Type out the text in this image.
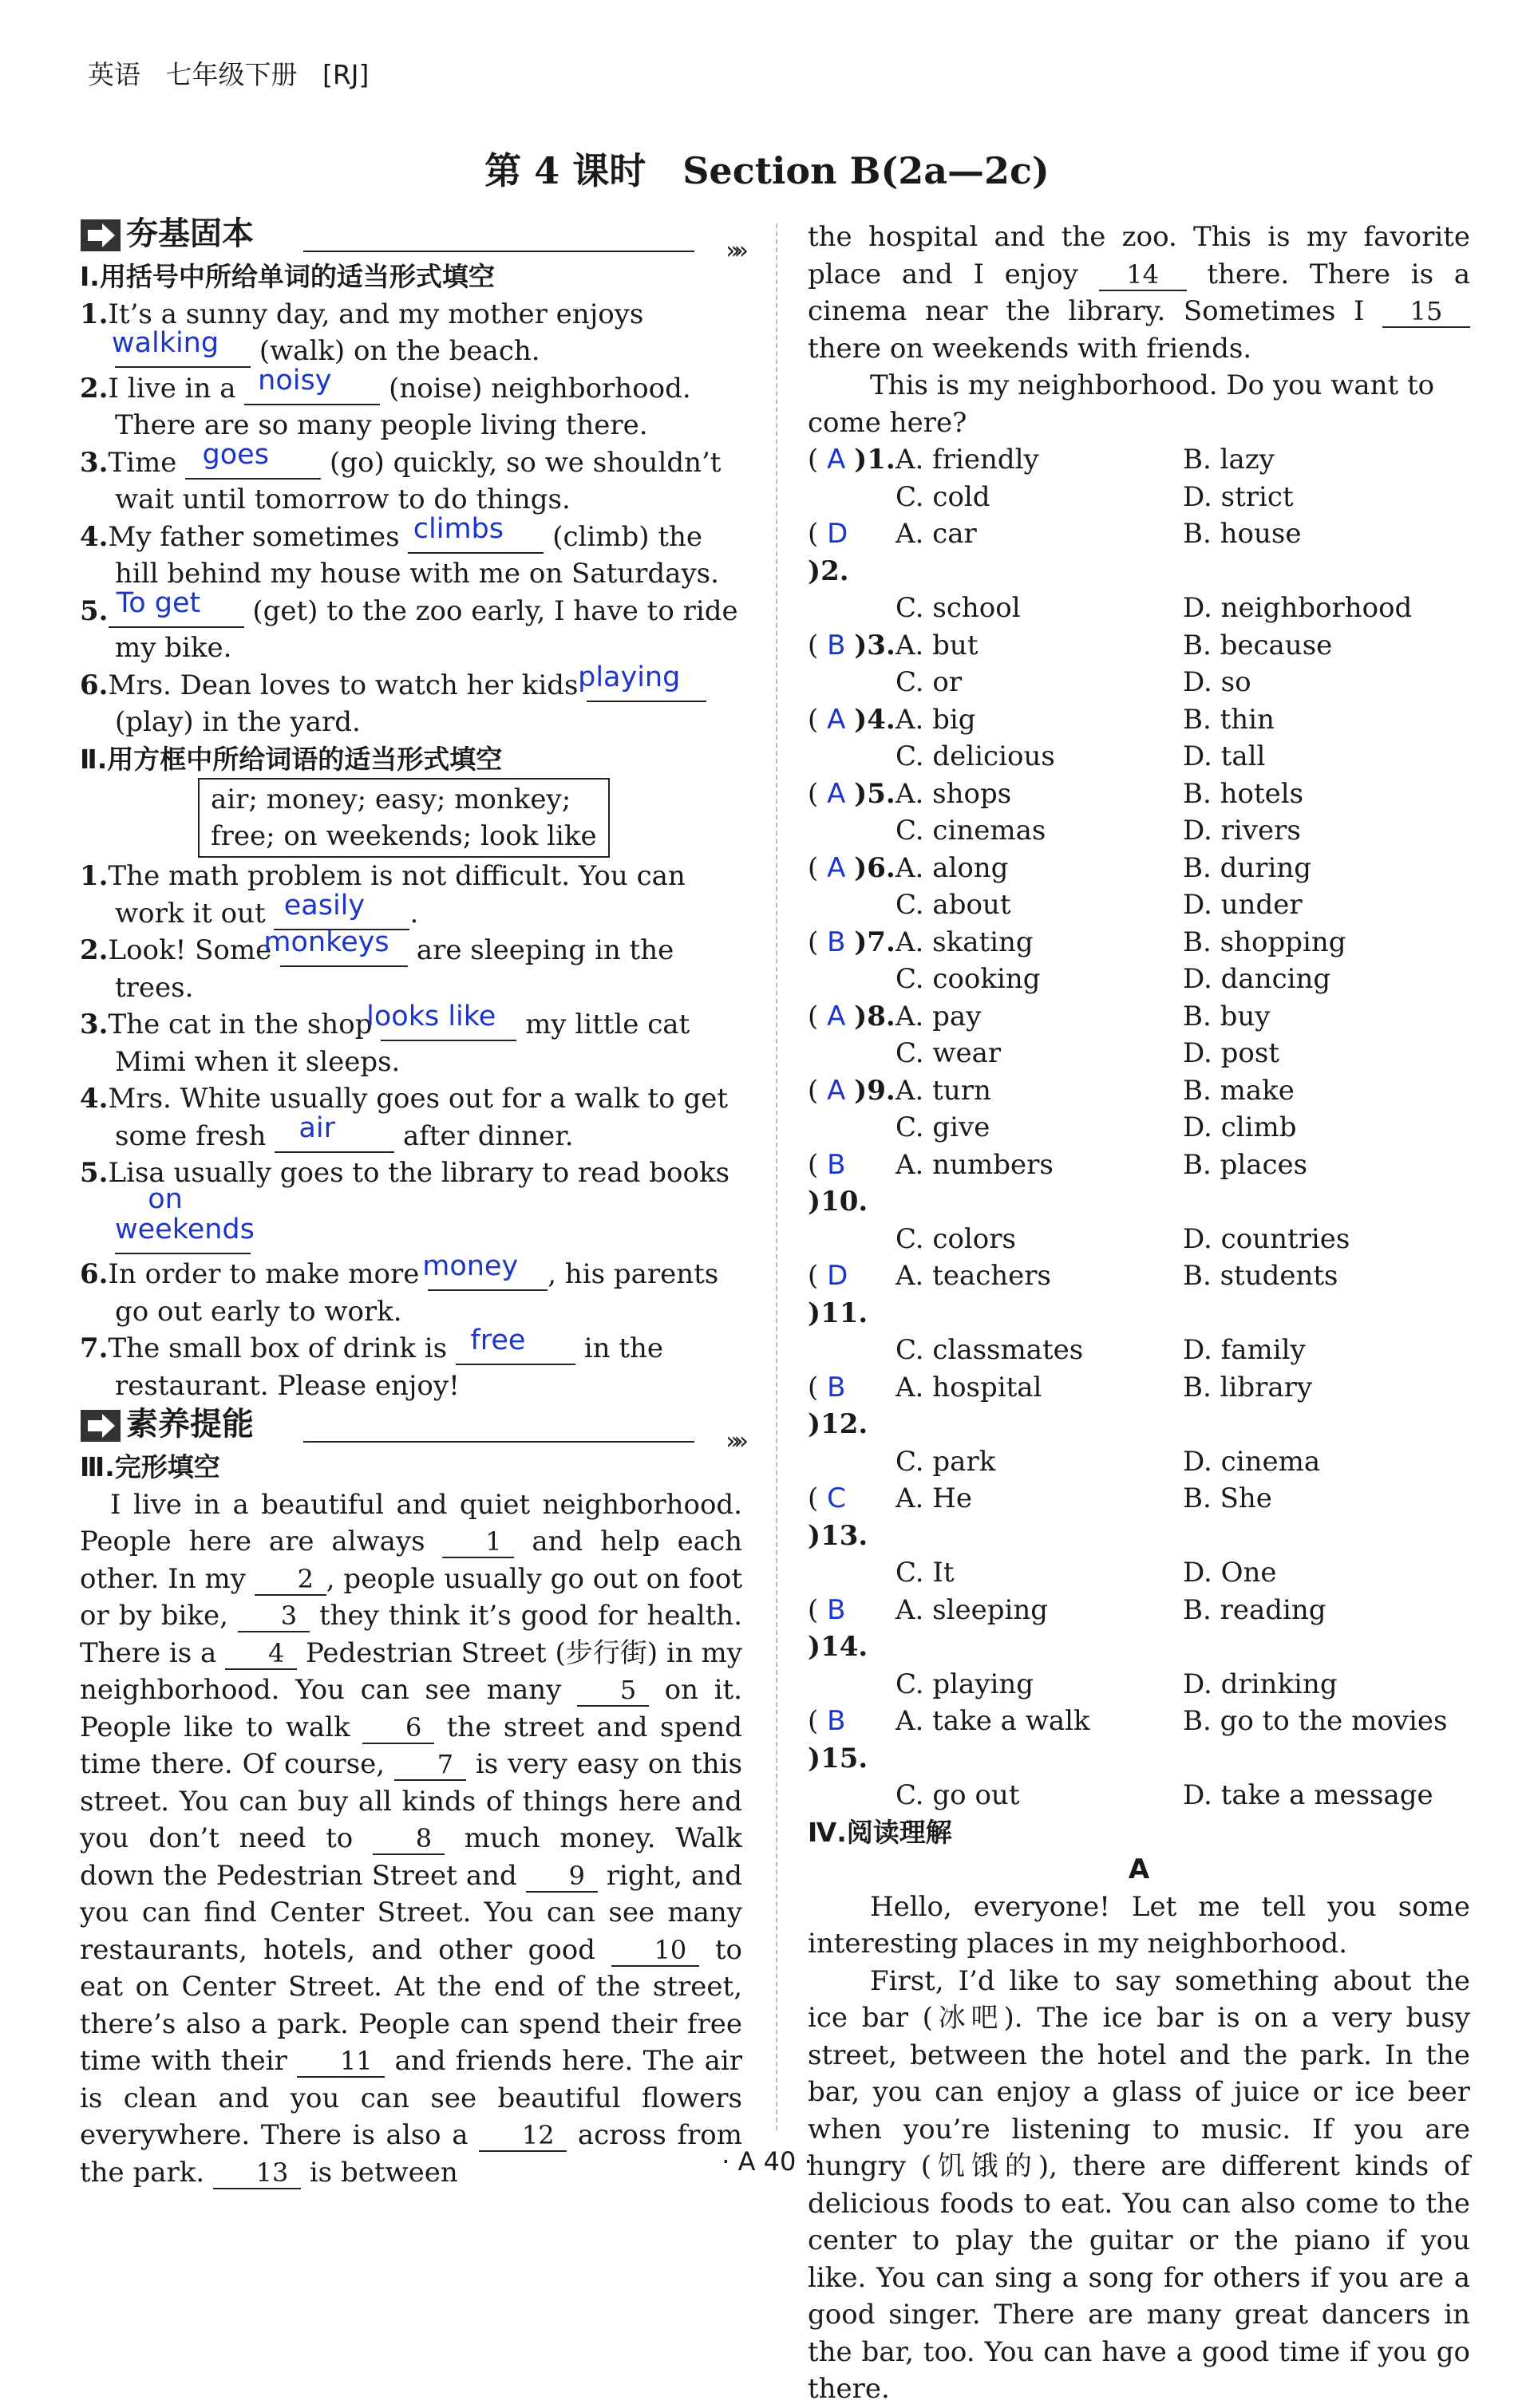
英语 七年级下册 [RJ]
第 4 课时　Section B(2a—2c)
夯基固本	»»

Ⅰ.用括号中所给单词的适当形式填空

1.It’s a sunny day, and my mother enjoys walking (walk) on the beach.

2.I live in a noisy (noise) neighborhood. There are so many people living there.

3.Time goes (go) quickly, so we shouldn’t wait until tomorrow to do things.

4.My father sometimes climbs (climb) the hill behind my house with me on Saturdays.

5. To get (get) to the zoo early, I have to ride my bike.

6.Mrs. Dean loves to watch her kids playing (play) in the yard.

Ⅱ.用方框中所给词语的适当形式填空

air; money; easy; monkey;
free; on weekends; look like

1.The math problem is not difficult. You can work it out easily .

2.Look! Some monkeys are sleeping in the trees.

3.The cat in the shop looks like my little cat Mimi when it sleeps.

4.Mrs. White usually goes out for a walk to get some fresh air	after dinner.

5.Lisa usually goes to the library to read books on weekends

6.In order to make more money , his parents go out early to work.

7.The small box of drink is free in the restaurant. Please enjoy!

素养提能	»»

Ⅲ.完形填空

I live in a beautiful and quiet neighborhood. People here are always 1 and help each other. In my 2 , people usually go out on foot or by bike, 3 they think it’s good for health. There is a 4 Pedestrian Street (步行街) in my neighborhood. You can see many 5 on it. People like to walk 6 the street and spend time there. Of course, 7 is very easy on this street. You can buy all kinds of things here and you don’t need to 8 much money. Walk down the Pedestrian Street and 9 right, and you can find Center Street. You can see many restaurants, hotels, and other good 10 to eat on Center Street. At the end of the street, there’s also a park. People can spend their free time with their 11 and friends here. The air is clean and you can see beautiful flowers everywhere. There is also a 12 across from the park. 13 is between

the hospital and the zoo. This is my favorite place and I enjoy 14 there. There is a cinema near the library. Sometimes I 15 there on weekends with friends.

This is my neighborhood. Do you want to come here?

( A )1. A. friendly	B. lazy
C. cold	D. strict
( D )2.
A. car	B. house
C. school	D. neighborhood
( B )3. A. but	B. because
C. or	D. so
( A )4. A. big	B. thin
C. delicious	D. tall
( A )5. A. shops	B. hotels
C. cinemas	D. rivers
( A )6. A. along	B. during
C. about	D. under
( B )7. A. skating	B. shopping
C. cooking	D. dancing
( A )8. A. pay	B. buy
C. wear	D. post
( A )9. A. turn	B. make
C. give	D. climb
( B )10.
A. numbers	B. places
C. colors	D. countries
( D )11.
A. teachers	B. students
C. classmates	D. family
( B )12.
A. hospital	B. library
C. park	D. cinema
( C )13.
A. He	B. She
C. It	D. One
( B )14.
A. sleeping	B. reading
C. playing	D. drinking
( B )15.
A. take a walk	B. go to the movies
C. go out	D. take a message

Ⅳ.阅读理解

A

Hello, everyone! Let me tell you some interesting places in my neighborhood.

First, I’d like to say something about the ice bar (冰吧). The ice bar is on a very busy street, between the hotel and the park. In the bar, you can enjoy a glass of juice or ice beer when you’re listening to music. If you are hungry (饥饿的), there are different kinds of delicious foods to eat. You can also come to the center to play the guitar or the piano if you like. You can sing a song for others if you are a good singer. There are many great dancers in the bar, too. You can have a good time if you go there.

· A 40 ·
